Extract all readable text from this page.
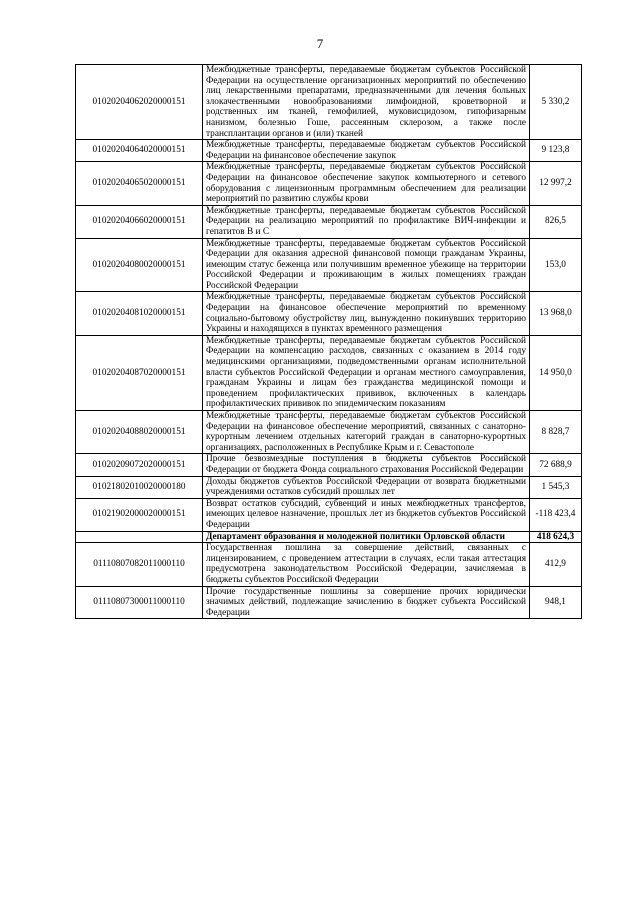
7
01020204062020000151	Межбюджетные трансферты, передаваемые бюджетам субъектов Российской Федерации на осуществление организационных мероприятий по обеспечению лиц лекарственными препаратами, предназначенными для лечения больных злокачественными новообразованиями лимфоидной, кроветворной и родственных им тканей, гемофилией, муковисцидозом, гипофизарным нанизмом, болезнью Гоше, рассеянным склерозом, а также после трансплантации органов и (или) тканей	5 330,2
01020204064020000151	Межбюджетные трансферты, передаваемые бюджетам субъектов Российской Федерации на финансовое обеспечение закупок	9 123,8
01020204065020000151	Межбюджетные трансферты, передаваемые бюджетам субъектов Российской Федерации на финансовое обеспечение закупок компьютерного и сетевого оборудования с лицензионным программным обеспечением для реализации мероприятий по развитию службы крови	12 997,2
01020204066020000151	Межбюджетные трансферты, передаваемые бюджетам субъектов Российской Федерации на реализацию мероприятий по профилактике ВИЧ-инфекции и гепатитов В и С	826,5
01020204080020000151	Межбюджетные трансферты, передаваемые бюджетам субъектов Российской Федерации для оказания адресной финансовой помощи гражданам Украины, имеющим статус беженца или получившим временное убежище на территории Российской Федерации и проживающим в жилых помещениях граждан Российской Федерации	153,0
01020204081020000151	Межбюджетные трансферты, передаваемые бюджетам субъектов Российской Федерации на финансовое обеспечение мероприятий по временному социально-бытовому обустройству лиц, вынужденно покинувших территорию Украины и находящихся в пунктах временного размещения	13 968,0
01020204087020000151	Межбюджетные трансферты, передаваемые бюджетам субъектов Российской Федерации на компенсацию расходов, связанных с оказанием в 2014 году медицинскими организациями, подведомственными органам исполнительной власти субъектов Российской Федерации и органам местного самоуправления, гражданам Украины и лицам без гражданства медицинской помощи и проведением профилактических прививок, включенных в календарь профилактических прививок по эпидемическим показаниям	14 950,0
01020204088020000151	Межбюджетные трансферты, передаваемые бюджетам субъектов Российской Федерации на финансовое обеспечение мероприятий, связанных с санаторно-курортным лечением отдельных категорий граждан в санаторно-курортных организациях, расположенных в Республике Крым и г. Севастополе	8 828,7
01020209072020000151	Прочие безвозмездные поступления в бюджеты субъектов Российской Федерации от бюджета Фонда социального страхования Российской Федерации	72 688,9
01021802010020000180	Доходы бюджетов субъектов Российской Федерации от возврата бюджетными учреждениями остатков субсидий прошлых лет	1 545,3
01021902000020000151	Возврат остатков субсидий, субвенций и иных межбюджетных трансфертов, имеющих целевое назначение, прошлых лет из бюджетов субъектов Российской Федерации	-118 423,4
	Департамент образования и молодежной политики Орловской области	418 624,3
01110807082011000110	Государственная пошлина за совершение действий, связанных с лицензированием, с проведением аттестации в случаях, если такая аттестация предусмотрена законодательством Российской Федерации, зачисляемая в бюджеты субъектов Российской Федерации	412,9
01110807300011000110	Прочие государственные пошлины за совершение прочих юридически значимых действий, подлежащие зачислению в бюджет субъекта Российской Федерации	948,1
